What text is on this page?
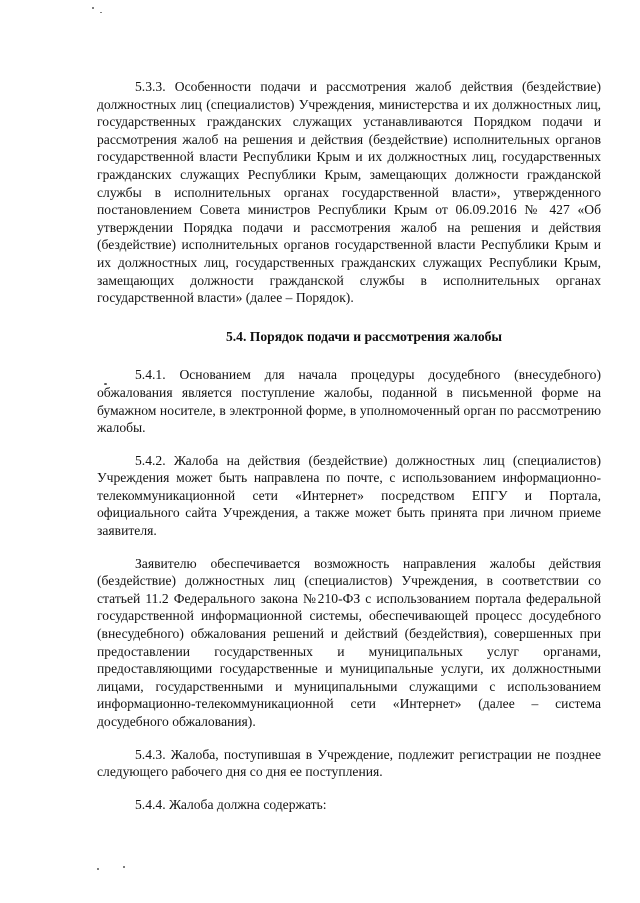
5.3.3. Особенности подачи и рассмотрения жалоб действия (бездействие) должностных лиц (специалистов) Учреждения, министерства и их должностных лиц, государственных гражданских служащих устанавливаются Порядком подачи и рассмотрения жалоб на решения и действия (бездействие) исполнительных органов государственной власти Республики Крым и их должностных лиц, государственных гражданских служащих Республики Крым, замещающих должности гражданской службы в исполнительных органах государственной власти», утвержденного постановлением Совета министров Республики Крым от 06.09.2016 № 427 «Об утверждении Порядка подачи и рассмотрения жалоб на решения и действия (бездействие) исполнительных органов государственной власти Республики Крым и их должностных лиц, государственных гражданских служащих Республики Крым, замещающих должности гражданской службы в исполнительных органах государственной власти» (далее – Порядок).

5.4. Порядок подачи и рассмотрения жалобы

5.4.1. Основанием для начала процедуры досудебного (внесудебного) обжалования является поступление жалобы, поданной в письменной форме на бумажном носителе, в электронной форме, в уполномоченный орган по рассмотрению жалобы.

5.4.2. Жалоба на действия (бездействие) должностных лиц (специалистов) Учреждения может быть направлена по почте, с использованием информационно-телекоммуникационной сети «Интернет» посредством ЕПГУ и Портала, официального сайта Учреждения, а также может быть принята при личном приеме заявителя.

Заявителю обеспечивается возможность направления жалобы действия (бездействие) должностных лиц (специалистов) Учреждения, в соответствии со статьей 11.2 Федерального закона №210-ФЗ с использованием портала федеральной государственной информационной системы, обеспечивающей процесс досудебного (внесудебного) обжалования решений и действий (бездействия), совершенных при предоставлении государственных и муниципальных услуг органами, предоставляющими государственные и муниципальные услуги, их должностными лицами, государственными и муниципальными служащими с использованием информационно-телекоммуникационной сети «Интернет» (далее – система досудебного обжалования).

5.4.3. Жалоба, поступившая в Учреждение, подлежит регистрации не позднее следующего рабочего дня со дня ее поступления.

5.4.4. Жалоба должна содержать:
